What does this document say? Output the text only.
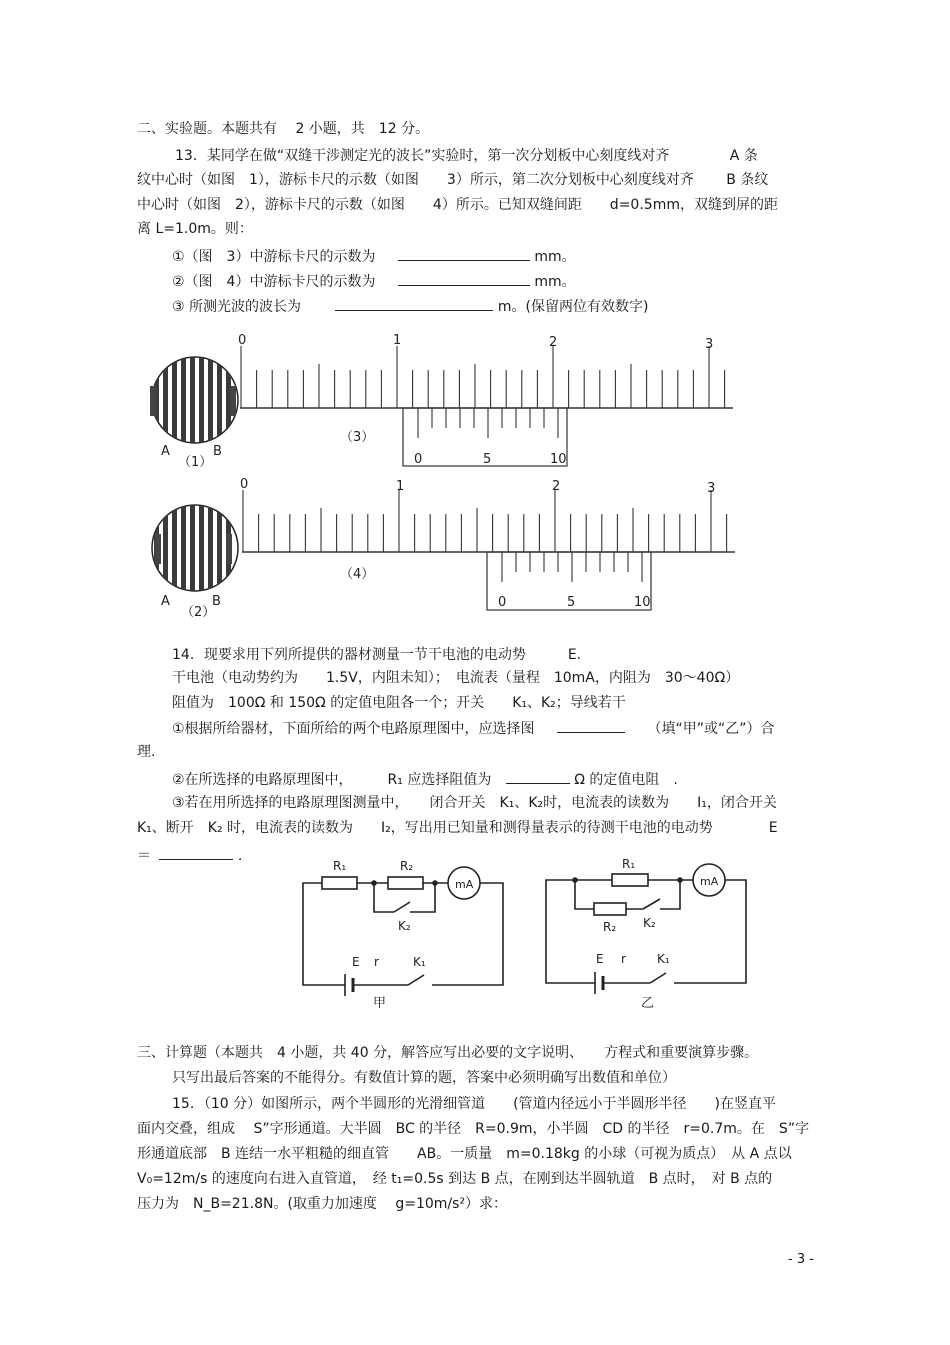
二、实验题。本题共有　 2 小题，共　12 分。
13．某同学在做“双缝干涉测定光的波长”实验时，第一次分划板中心刻度线对齐　　　　 A 条
纹中心时（如图　1），游标卡尺的示数（如图　　3）所示，第二次分划板中心刻度线对齐　　 B 条纹
中心时（如图　2），游标卡尺的示数（如图　　4）所示。已知双缝间距　　d=0.5mm，双缝到屏的距
离 L=1.0m。则：
①（图　3）中游标卡尺的示数为	mm。
②（图　4）中游标卡尺的示数为	mm。
③ 所测光波的波长为	m。(保留两位有效数字)
0	1	2	3
0	5	10
（3）
A	B
（1）
0	1	2	3
0	5	10
（4）
A	B
（2）
R₁	R₂
mA
K₂
E r	K₁
甲
R₁
R₂
mA
K₂
E r	K₁
乙
14．现要求用下列所提供的器材测量一节干电池的电动势　　　E.
干电池（电动势约为　　1.5V，内阻未知）；　电流表（量程　10mA，内阻为　30～40Ω）
阻值为　100Ω 和 150Ω 的定值电阻各一个；开关　　K₁、K₂；导线若干
①根据所给器材，下面所给的两个电路原理图中，应选择图	（填“甲”或“乙”）合
理.
②在所选择的电路原理图中，　　　R₁ 应选择阻值为	Ω 的定值电阻　.
③若在用所选择的电路原理图测量中，　　闭合开关　K₁、K₂时，电流表的读数为　　I₁，闭合开关
K₁、断开　K₂ 时，电流表的读数为　　I₂，写出用已知量和测得量表示的待测干电池的电动势　　　　E
＝	.
三、计算题（本题共　4 小题，共 40 分，解答应写出必要的文字说明、　　方程式和重要演算步骤。
只写出最后答案的不能得分。有数值计算的题，答案中必须明确写出数值和单位）
15．（10 分）如图所示，两个半圆形的光滑细管道　　(管道内径远小于半圆形半径　　)在竖直平
面内交叠，组成　 S”字形通道。大半圆　BC 的半径　R=0.9m，小半圆　CD 的半径　r=0.7m。在　S”字
形通道底部　B 连结一水平粗糙的细直管　　AB。一质量　m=0.18kg 的小球（可视为质点）　从 A 点以
V₀=12m/s 的速度向右进入直管道，　经 t₁=0.5s 到达 B 点，在刚到达半圆轨道　B 点时，　对 B 点的
压力为　N_B=21.8N。(取重力加速度　 g=10m/s²）求：
- 3 -
